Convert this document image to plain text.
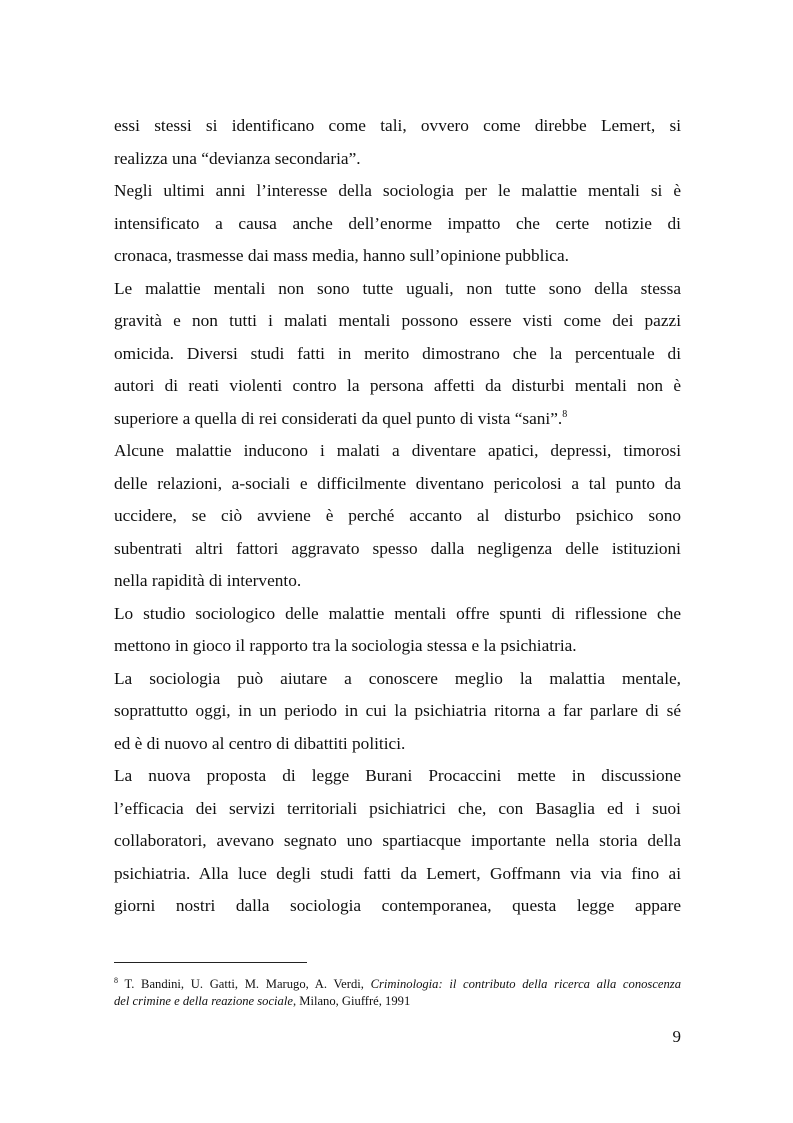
essi stessi si identificano come tali, ovvero come direbbe Lemert, si
realizza una “devianza secondaria”.
Negli ultimi anni l’interesse della sociologia per le malattie mentali si è
intensificato a causa anche dell’enorme impatto che certe notizie di
cronaca, trasmesse dai mass media, hanno sull’opinione pubblica.
Le malattie mentali non sono tutte uguali, non tutte sono della stessa
gravità e non tutti i malati mentali possono essere visti come dei pazzi
omicida. Diversi studi fatti in merito dimostrano che la percentuale di
autori di reati violenti contro la persona affetti da disturbi mentali non è
superiore a quella di rei considerati da quel punto di vista “sani”.$^8$
Alcune malattie inducono i malati a diventare apatici, depressi, timorosi
delle relazioni, a-sociali e difficilmente diventano pericolosi a tal punto da
uccidere, se ciò avviene è perché accanto al disturbo psichico sono
subentrati altri fattori aggravato spesso dalla negligenza delle istituzioni
nella rapidità di intervento.
Lo studio sociologico delle malattie mentali offre spunti di riflessione che
mettono in gioco il rapporto tra la sociologia stessa e la psichiatria.
La sociologia può aiutare a conoscere meglio la malattia mentale,
soprattutto oggi, in un periodo in cui la psichiatria ritorna a far parlare di sé
ed è di nuovo al centro di dibattiti politici.
La nuova proposta di legge Burani Procaccini mette in discussione
l’efficacia dei servizi territoriali psichiatrici che, con Basaglia ed i suoi
collaboratori, avevano segnato uno spartiacque importante nella storia della
psichiatria. Alla luce degli studi fatti da Lemert, Goffmann via via fino ai
giorni nostri dalla sociologia contemporanea, questa legge appare
$^8$ T. Bandini, U. Gatti, M. Marugo, A. Verdi, Criminologia: il contributo della ricerca alla conoscenza
del crimine e della reazione sociale, Milano, Giuffré, 1991
9
